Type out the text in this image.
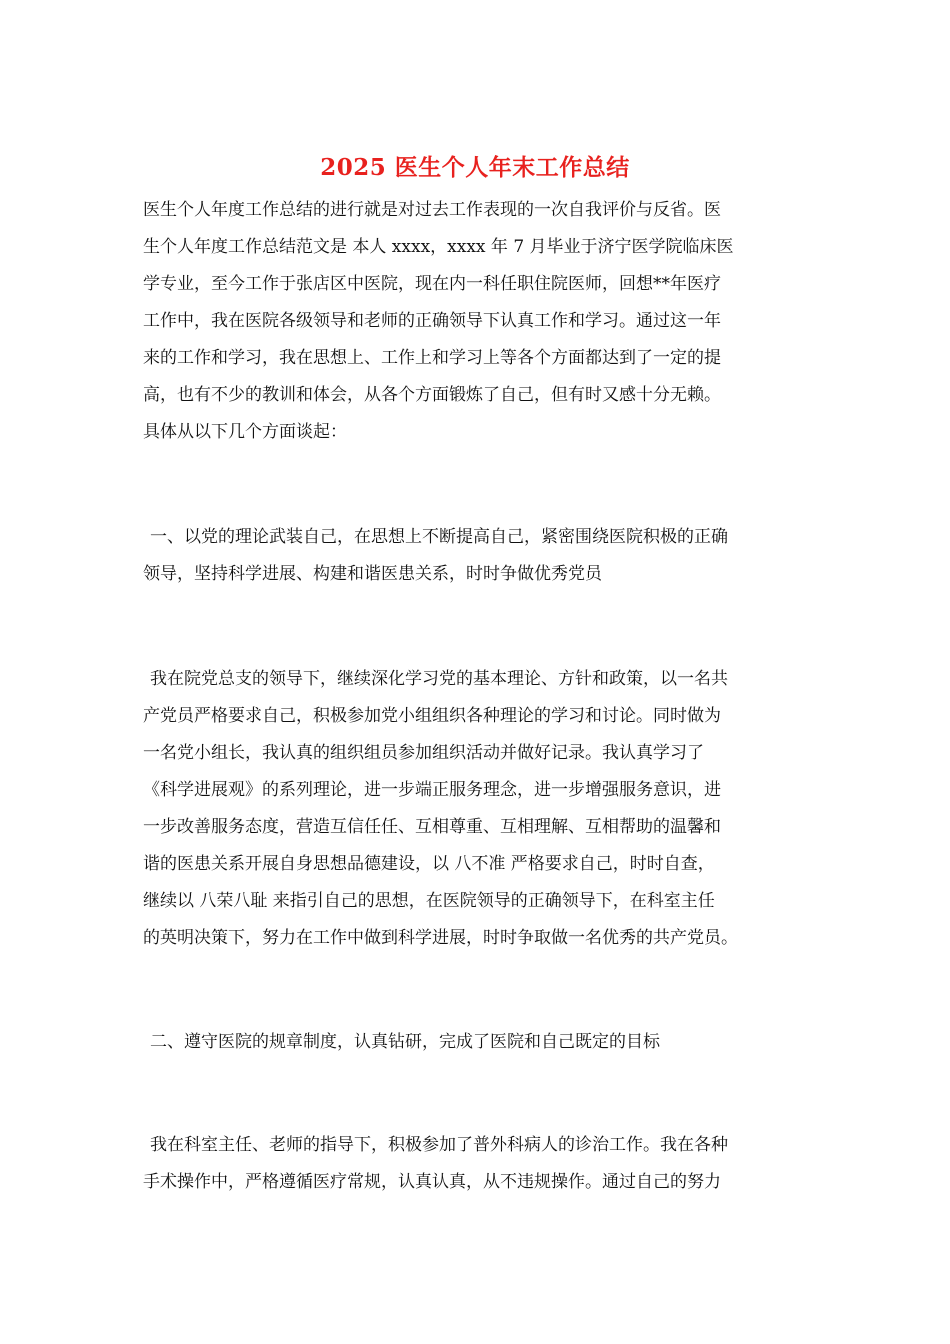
2025 医生个人年末工作总结
医生个人年度工作总结的进行就是对过去工作表现的一次自我评价与反省。医
生个人年度工作总结范文是 本人 xxxx，xxxx 年 7 月毕业于济宁医学院临床医
学专业，至今工作于张店区中医院，现在内一科任职住院医师，回想**年医疗
工作中，我在医院各级领导和老师的正确领导下认真工作和学习。通过这一年
来的工作和学习，我在思想上、工作上和学习上等各个方面都达到了一定的提
高，也有不少的教训和体会，从各个方面锻炼了自己，但有时又感十分无赖。
具体从以下几个方面谈起：
一、以党的理论武装自己，在思想上不断提高自己，紧密围绕医院积极的正确
领导，坚持科学进展、构建和谐医患关系，时时争做优秀党员
我在院党总支的领导下，继续深化学习党的基本理论、方针和政策，以一名共
产党员严格要求自己，积极参加党小组组织各种理论的学习和讨论。同时做为
一名党小组长，我认真的组织组员参加组织活动并做好记录。我认真学习了
《科学进展观》的系列理论，进一步端正服务理念，进一步增强服务意识，进
一步改善服务态度，营造互信任任、互相尊重、互相理解、互相帮助的温馨和
谐的医患关系开展自身思想品德建设，以 八不准 严格要求自己，时时自查，
继续以 八荣八耻 来指引自己的思想，在医院领导的正确领导下，在科室主任
的英明决策下，努力在工作中做到科学进展，时时争取做一名优秀的共产党员。
二、遵守医院的规章制度，认真钻研，完成了医院和自己既定的目标
我在科室主任、老师的指导下，积极参加了普外科病人的诊治工作。我在各种
手术操作中，严格遵循医疗常规，认真认真，从不违规操作。通过自己的努力
